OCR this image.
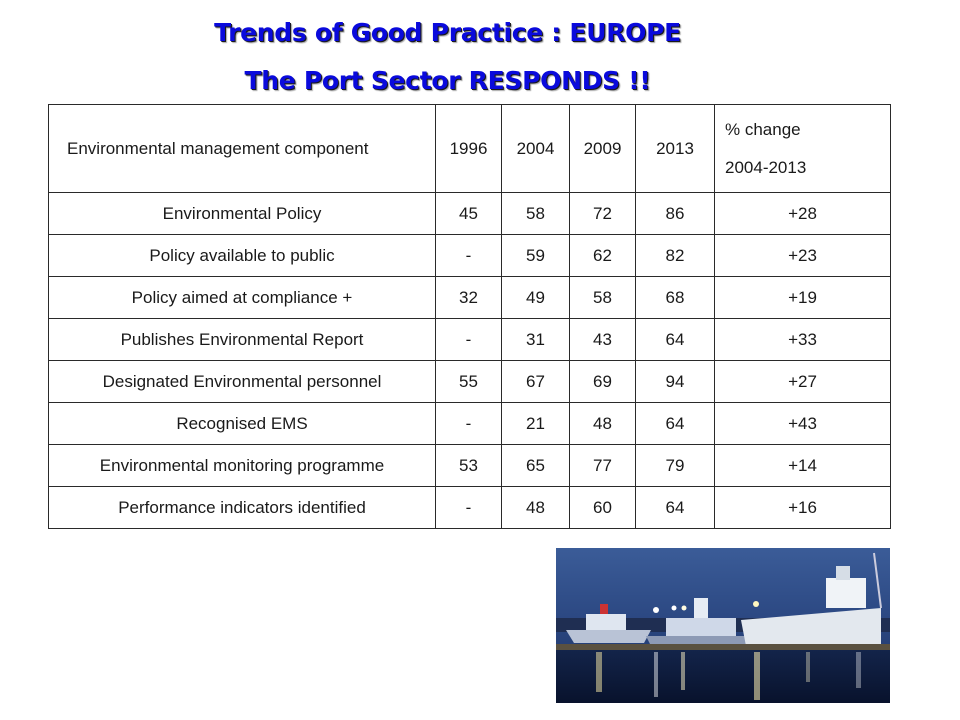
Trends of Good Practice : EUROPE
The Port Sector RESPONDS !!
Environmental management component	1996	2004	2009	2013	% change
2004-2013

Environmental Policy	45	58	72	86	+28
Policy available to public	-	59	62	82	+23
Policy aimed at compliance +	32	49	58	68	+19
Publishes Environmental Report	-	31	43	64	+33
Designated Environmental personnel	55	67	69	94	+27
Recognised EMS	-	21	48	64	+43
Environmental monitoring programme	53	65	77	79	+14
Performance indicators identified	-	48	60	64	+16
